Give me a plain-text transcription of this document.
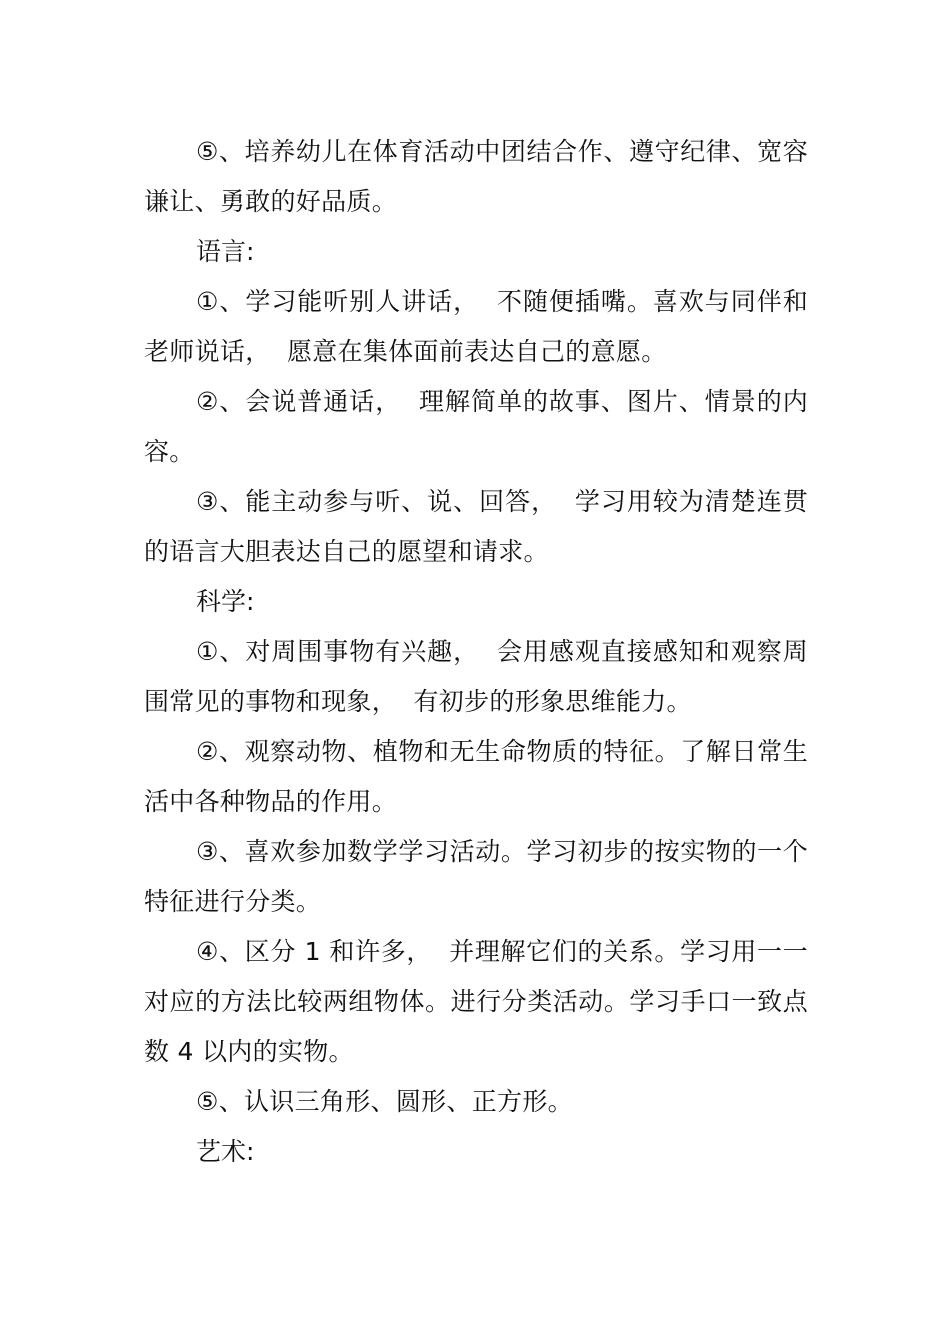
⑤、培养幼儿在体育活动中团结合作、遵守纪律、宽容谦让、勇敢的好品质。

语言:

①、学习能听别人讲话，  不随便插嘴。喜欢与同伴和老师说话，  愿意在集体面前表达自己的意愿。

②、会说普通话，  理解简单的故事、图片、情景的内容。

③、能主动参与听、说、回答，  学习用较为清楚连贯的语言大胆表达自己的愿望和请求。

科学:

①、对周围事物有兴趣，  会用感观直接感知和观察周围常见的事物和现象，  有初步的形象思维能力。

②、观察动物、植物和无生命物质的特征。了解日常生活中各种物品的作用。

③、喜欢参加数学学习活动。学习初步的按实物的一个特征进行分类。

④、区分 1 和许多，  并理解它们的关系。学习用一一对应的方法比较两组物体。进行分类活动。学习手口一致点数 4 以内的实物。

⑤、认识三角形、圆形、正方形。

艺术:
